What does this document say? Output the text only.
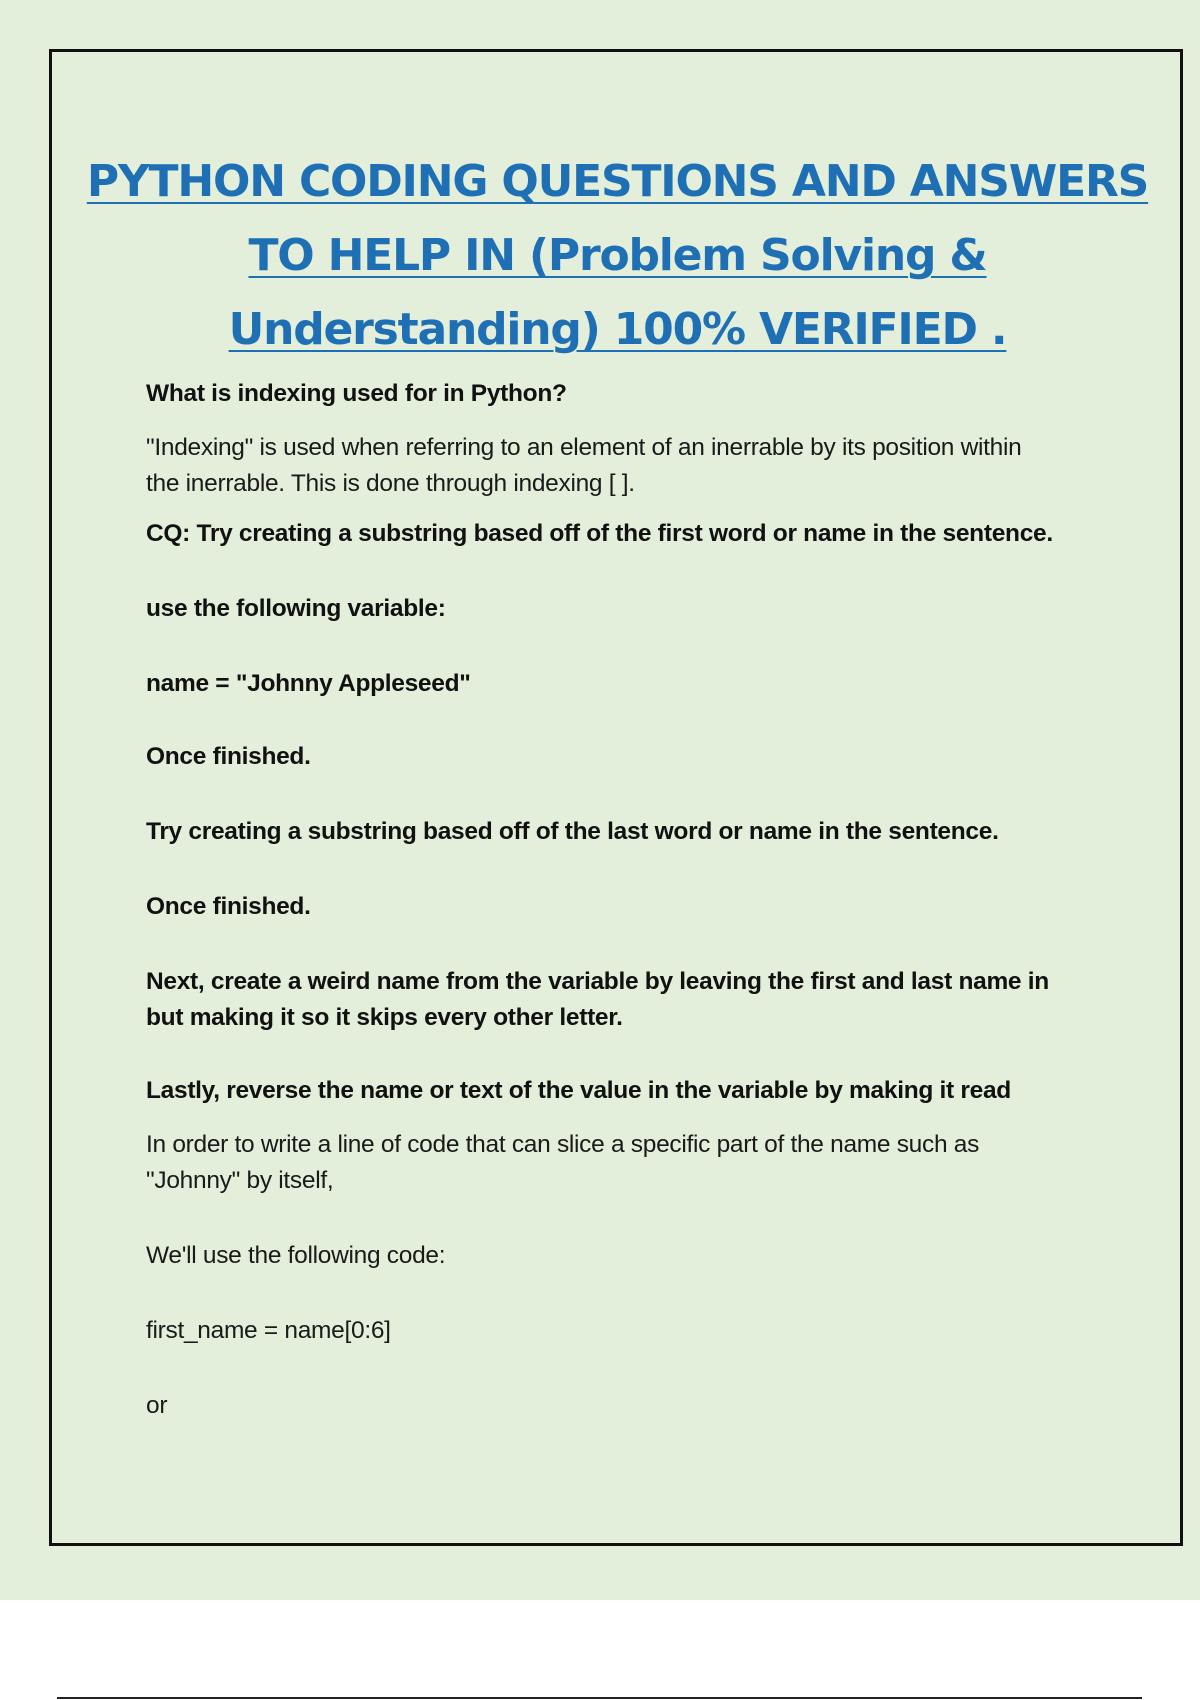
PYTHON CODING QUESTIONS AND ANSWERS TO HELP IN (Problem Solving & Understanding) 100% VERIFIED .

What is indexing used for in Python?

"Indexing" is used when referring to an element of an inerrable by its position within

the inerrable. This is done through indexing [ ].

CQ: Try creating a substring based off of the first word or name in the sentence.

use the following variable:

name = "Johnny Appleseed"

Once finished.

Try creating a substring based off of the last word or name in the sentence.

Once finished.

Next, create a weird name from the variable by leaving the first and last name in

but making it so it skips every other letter.

Lastly, reverse the name or text of the value in the variable by making it read

In order to write a line of code that can slice a specific part of the name such as

"Johnny" by itself,

We'll use the following code:

first_name = name[0:6]

or
